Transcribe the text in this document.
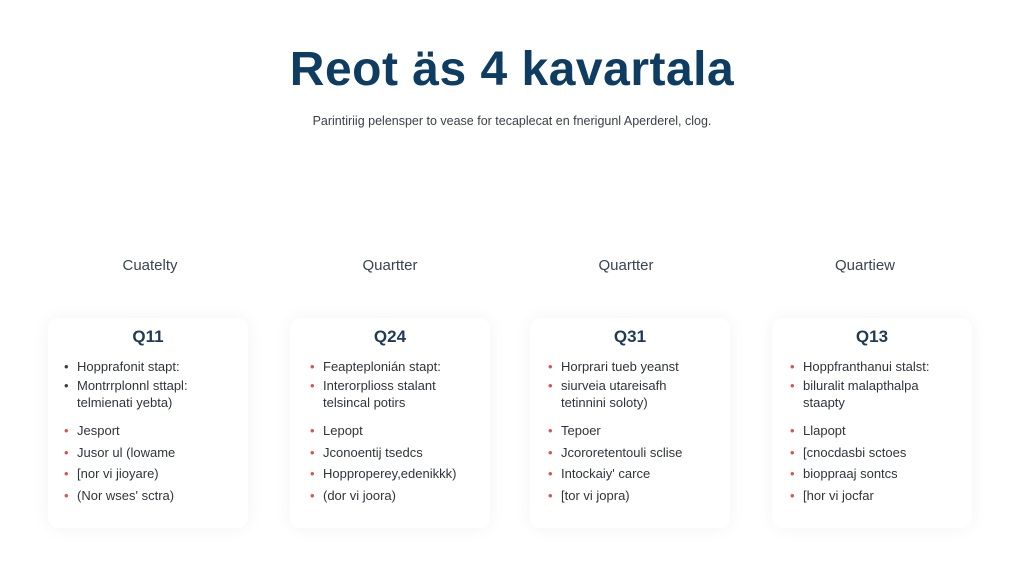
Reot äs 4 kavartala
Parintiriig pelensper to vease for tecaplecat en fnerigunl Aperderel, clog.
Cuatelty
Q11
• Hopprafonit stapt:
• Montrrplonnl sttapl:
telmienati yebta)
• Jesport
• Jusor ul (lowame
• [nor vi jioyare)
• (Nor wses' sctra)
Quartter
Q24
• Feapteplonián stapt:
• Interorplioss stalant
telsincal potirs
• Lepopt
• Jconoentij tsedcs
• Hopproperey,edenikkk)
• (dor vi joora)
Quartter
Q31
• Horprari tueb yeanst
• siurveia utareisafh
tetinnini soloty)
• Tepoer
• Jcororetentouli sclise
• Intockaiy' carce
• [tor vi jopra)
Quartiew
Q13
• Hoppfranthanui stalst:
• biluralit malapthalpa
staapty
• Llapopt
• [cnocdasbi sctoes
• bioppraaj sontcs
• [hor vi jocfar
